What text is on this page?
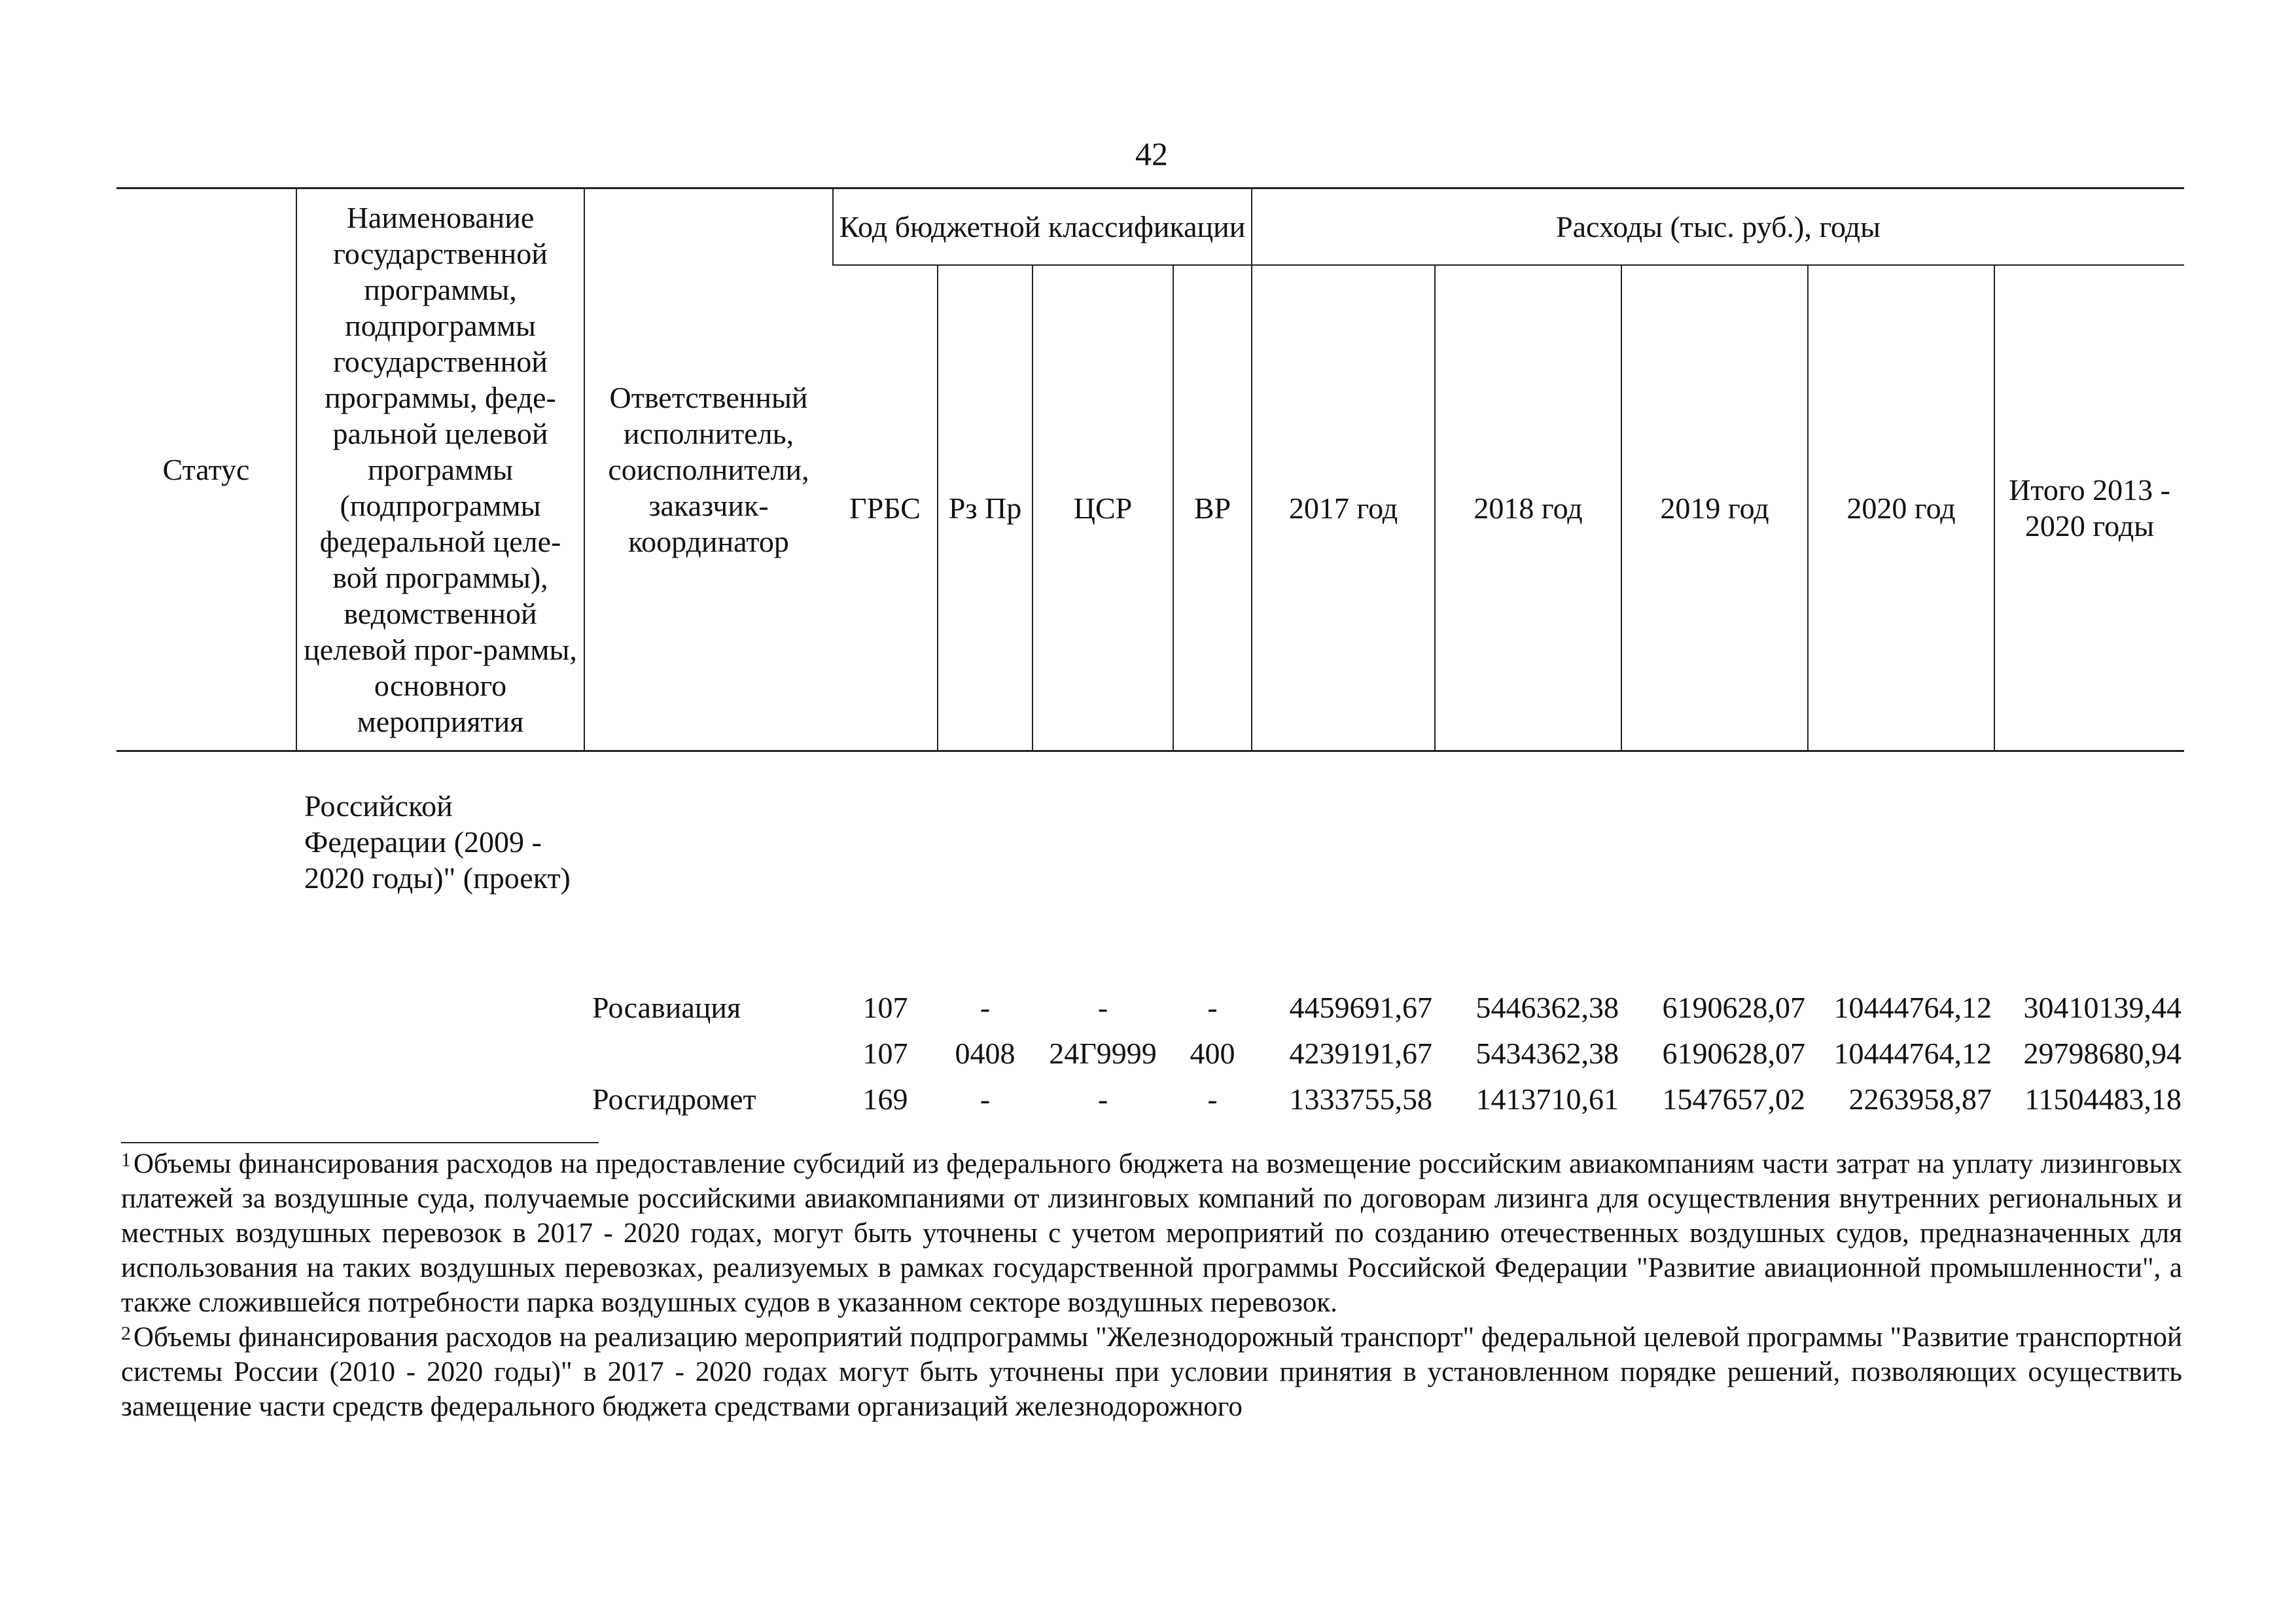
42
Статус	Наименование государственной программы, подпрограммы государственной программы, феде-ральной целевой программы (подпрограммы федеральной целе-вой программы), ведомственной целевой прог-раммы, основного мероприятия	Ответственный исполнитель, соисполнители, заказчик-координатор	Код бюджетной классификации				Расходы (тыс. руб.), годы				
			ГРБС	Рз Пр	ЦСР	ВР	2017 год	2018 год	2019 год	2020 год	Итого 2013 - 2020 годы

	Российской Федерации (2009 - 2020 годы)" (проект)										
		Росавиация	107	-	-	-	4459691,67	5446362,38	6190628,07	10444764,12	30410139,44
			107	0408	24Г9999	400	4239191,67	5434362,38	6190628,07	10444764,12	29798680,94
		Росгидромет	169	-	-	-	1333755,58	1413710,61	1547657,02	2263958,87	11504483,18

$^1$Объемы финансирования расходов на предоставление субсидий из федерального бюджета на возмещение российским авиакомпаниям части затрат на уплату лизинговых платежей за воздушные суда, получаемые российскими авиакомпаниями от лизинговых компаний по договорам лизинга для осуществления внутренних региональных и местных воздушных перевозок в 2017 - 2020 годах, могут быть уточнены с учетом мероприятий по созданию отечественных воздушных судов, предназначенных для использования на таких воздушных перевозках, реализуемых в рамках государственной программы Российской Федерации "Развитие авиационной промышленности", а также сложившейся потребности парка воздушных судов в указанном секторе воздушных перевозок.

$^2$Объемы финансирования расходов на реализацию мероприятий подпрограммы "Железнодорожный транспорт" федеральной целевой программы "Развитие транспортной системы России (2010 - 2020 годы)" в 2017 - 2020 годах могут быть уточнены при условии принятия в установленном порядке решений, позволяющих осуществить замещение части средств федерального бюджета средствами организаций железнодорожного
